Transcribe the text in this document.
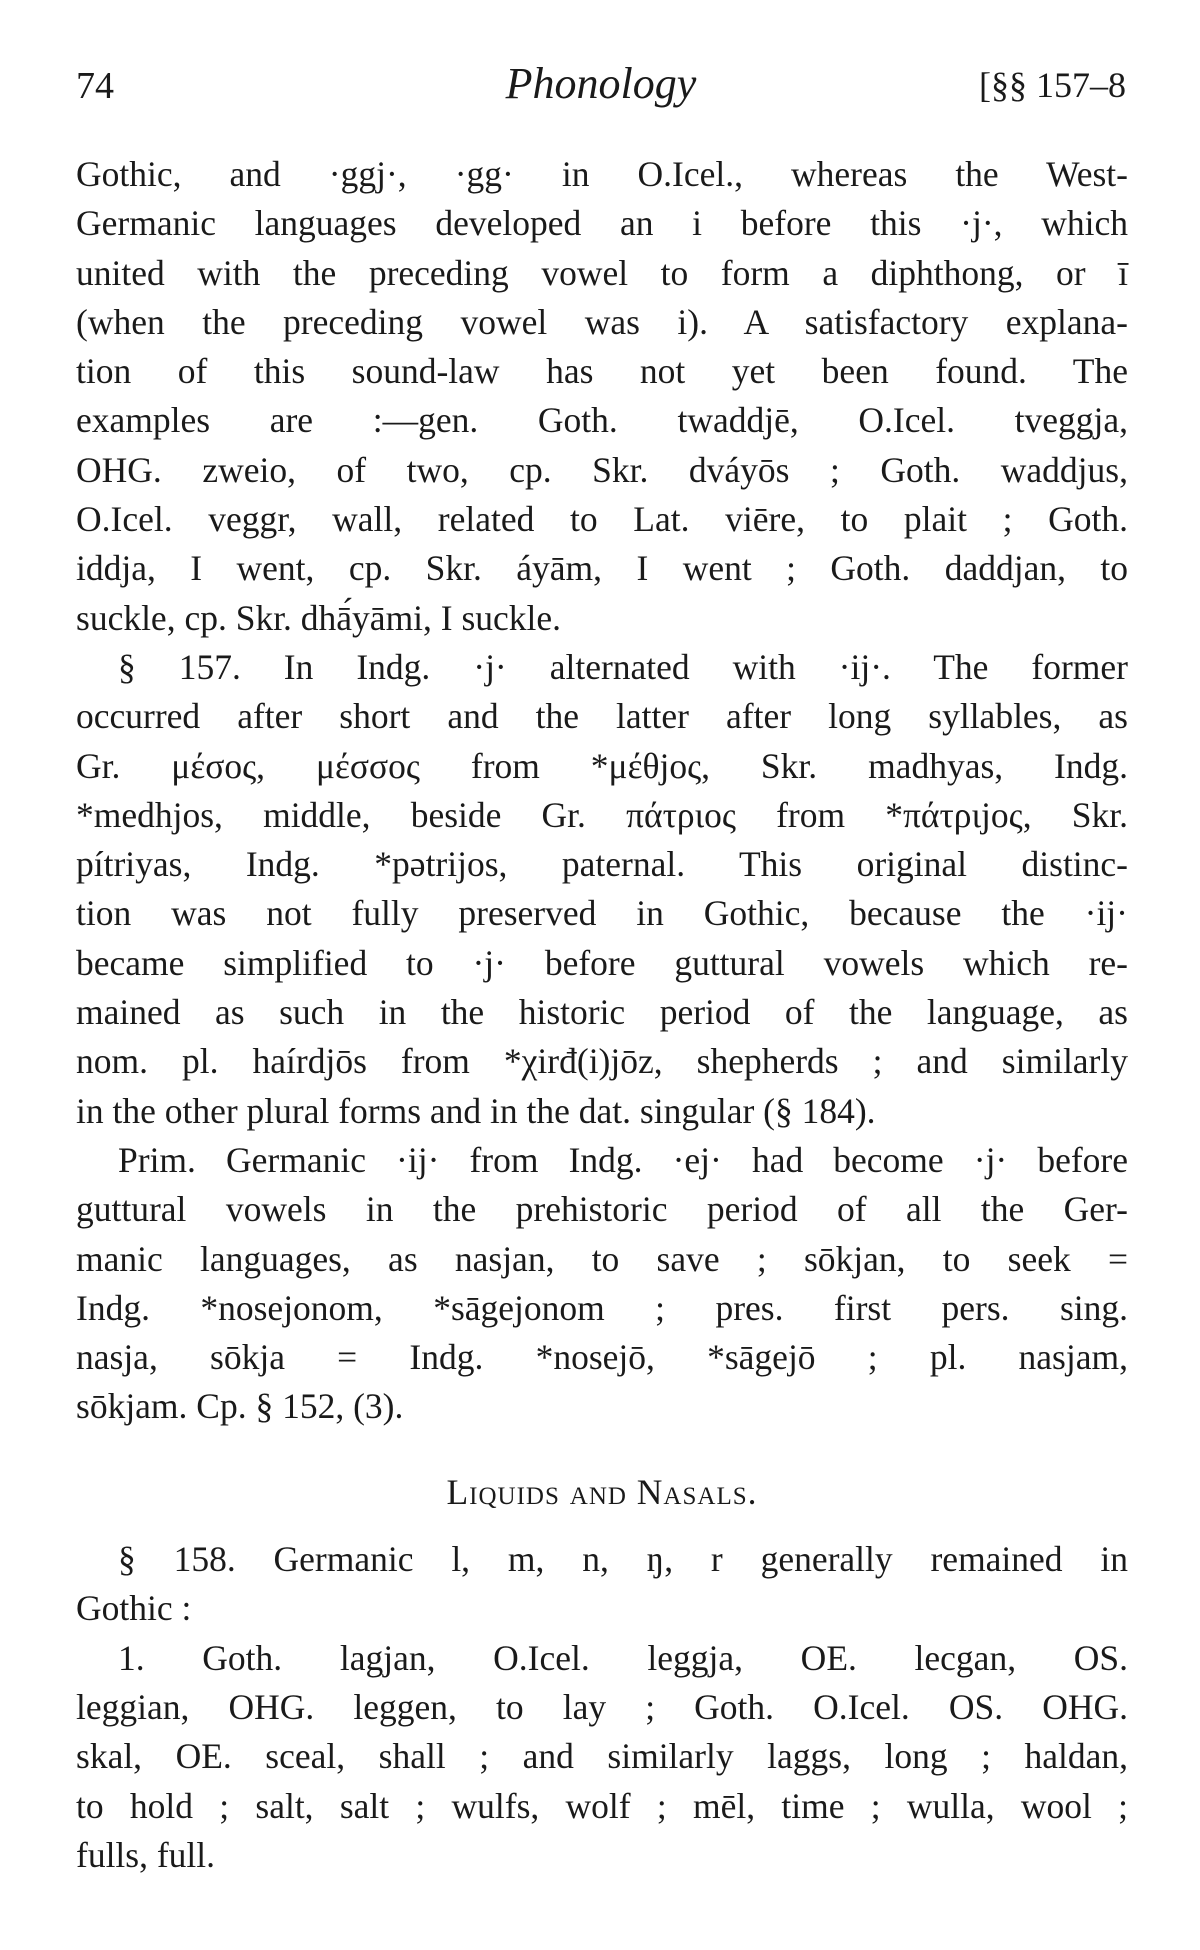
74	Phonology	[§§ 157–8
Gothic, and ·ggj·, ·gg· in O.Icel., whereas the West-
Germanic languages developed an i before this ·j·, which
united with the preceding vowel to form a diphthong, or ī
(when the preceding vowel was i). A satisfactory explana-
tion of this sound-law has not yet been found. The
examples are :—gen. Goth. twaddjē, O.Icel. tveggja,
OHG. zweio, of two, cp. Skr. dváyōs ; Goth. waddjus,
O.Icel. veggr, wall, related to Lat. viēre, to plait ; Goth.
iddja, I went, cp. Skr. áyām, I went ; Goth. daddjan, to
suckle, cp. Skr. dhā́yāmi, I suckle.
§ 157. In Indg. ·j· alternated with ·ij·. The former
occurred after short and the latter after long syllables, as
Gr. μέσος, μέσσος from *μέθjος, Skr. madhyas, Indg.
*medhjos, middle, beside Gr. πάτριος from *πάτριjος, Skr.
pítriyas, Indg. *pətrijos, paternal. This original distinc-
tion was not fully preserved in Gothic, because the ·ij·
became simplified to ·j· before guttural vowels which re-
mained as such in the historic period of the language, as
nom. pl. haírdjōs from *χirđ(i)jōz, shepherds ; and similarly
in the other plural forms and in the dat. singular (§ 184).
Prim. Germanic ·ij· from Indg. ·ej· had become ·j· before
guttural vowels in the prehistoric period of all the Ger-
manic languages, as nasjan, to save ; sōkjan, to seek =
Indg. *nosejonom, *sāgejonom ; pres. first pers. sing.
nasja, sōkja = Indg. *nosejō, *sāgejō ; pl. nasjam,
sōkjam. Cp. § 152, (3).
Liquids and Nasals.
§ 158. Germanic l, m, n, ŋ, r generally remained in
Gothic :
1. Goth. lagjan, O.Icel. leggja, OE. lecgan, OS.
leggian, OHG. leggen, to lay ; Goth. O.Icel. OS. OHG.
skal, OE. sceal, shall ; and similarly laggs, long ; haldan,
to hold ; salt, salt ; wulfs, wolf ; mēl, time ; wulla, wool ;
fulls, full.
